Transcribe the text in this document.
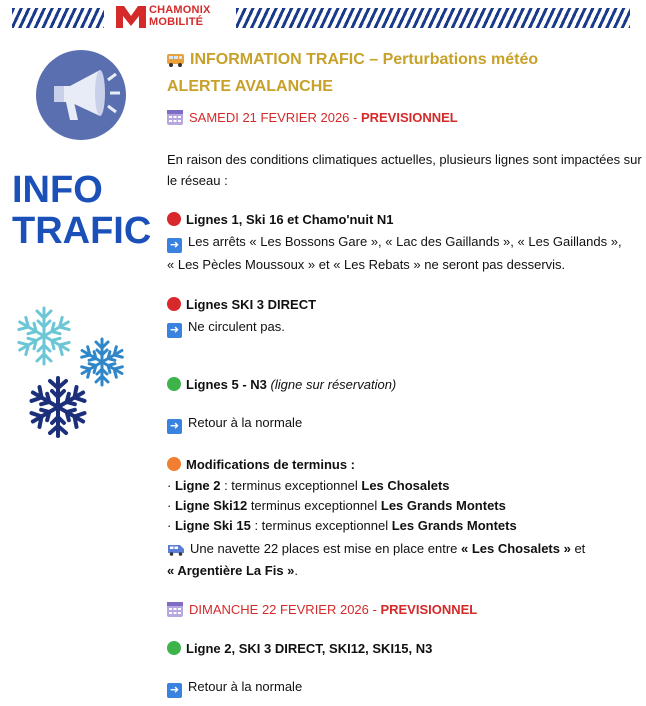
CHAMONIX
MOBILITÉ
INFO
TRAFIC
INFORMATION TRAFIC – Perturbations météo
ALERTE AVALANCHE
SAMEDI 21 FEVRIER 2026 - PREVISIONNEL
En raison des conditions climatiques actuelles, plusieurs lignes sont impactées sur
le réseau :
Lignes 1, Ski 16 et Chamo'nuit N1
➜ Les arrêts « Les Bossons Gare », « Lac des Gaillands », « Les Gaillands »,
« Les Pècles Moussoux » et « Les Rebats » ne seront pas desservis.
Lignes SKI 3 DIRECT
➜ Ne circulent pas.
Lignes 5 - N3 (ligne sur réservation)
➜ Retour à la normale
Modifications de terminus :
· Ligne 2 : terminus exceptionnel Les Chosalets
· Ligne Ski12 terminus exceptionnel Les Grands Montets
· Ligne Ski 15 : terminus exceptionnel Les Grands Montets
Une navette 22 places est mise en place entre « Les Chosalets » et
« Argentière La Fis ».
DIMANCHE 22 FEVRIER 2026 - PREVISIONNEL
Ligne 2, SKI 3 DIRECT, SKI12, SKI15, N3
➜ Retour à la normale
